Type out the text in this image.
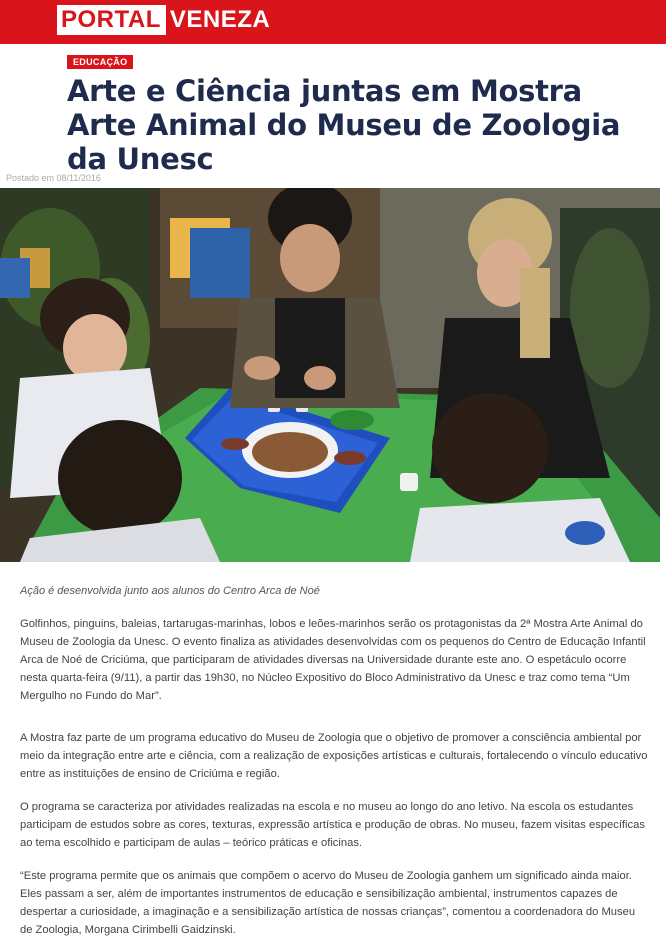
PORTAL VENEZA
EDUCAÇÃO
Arte e Ciência juntas em Mostra Arte Animal do Museu de Zoologia da Unesc
Postado em 08/11/2016
Ação é desenvolvida junto aos alunos do Centro Arca de Noé

Golfinhos, pinguins, baleias, tartarugas-marinhas, lobos e leões-marinhos serão os protagonistas da 2ª Mostra Arte Animal do Museu de Zoologia da Unesc. O evento finaliza as atividades desenvolvidas com os pequenos do Centro de Educação Infantil Arca de Noé de Criciúma, que participaram de atividades diversas na Universidade durante este ano. O espetáculo ocorre nesta quarta-feira (9/11), a partir das 19h30, no Núcleo Expositivo do Bloco Administrativo da Unesc e traz como tema “Um Mergulho no Fundo do Mar”.

A Mostra faz parte de um programa educativo do Museu de Zoologia que o objetivo de promover a consciência ambiental por meio da integração entre arte e ciência, com a realização de exposições artísticas e culturais, fortalecendo o vínculo educativo entre as instituições de ensino de Criciúma e região.

O programa se caracteriza por atividades realizadas na escola e no museu ao longo do ano letivo. Na escola os estudantes participam de estudos sobre as cores, texturas, expressão artística e produção de obras. No museu, fazem visitas específicas ao tema escolhido e participam de aulas – teórico práticas e oficinas.

“Este programa permite que os animais que compõem o acervo do Museu de Zoologia ganhem um significado ainda maior. Eles passam a ser, além de importantes instrumentos de educação e sensibilização ambiental, instrumentos capazes de despertar a curiosidade, a imaginação e a sensibilização artística de nossas crianças”, comentou a coordenadora do Museu de Zoologia, Morgana Cirimbelli Gaidzinski.
